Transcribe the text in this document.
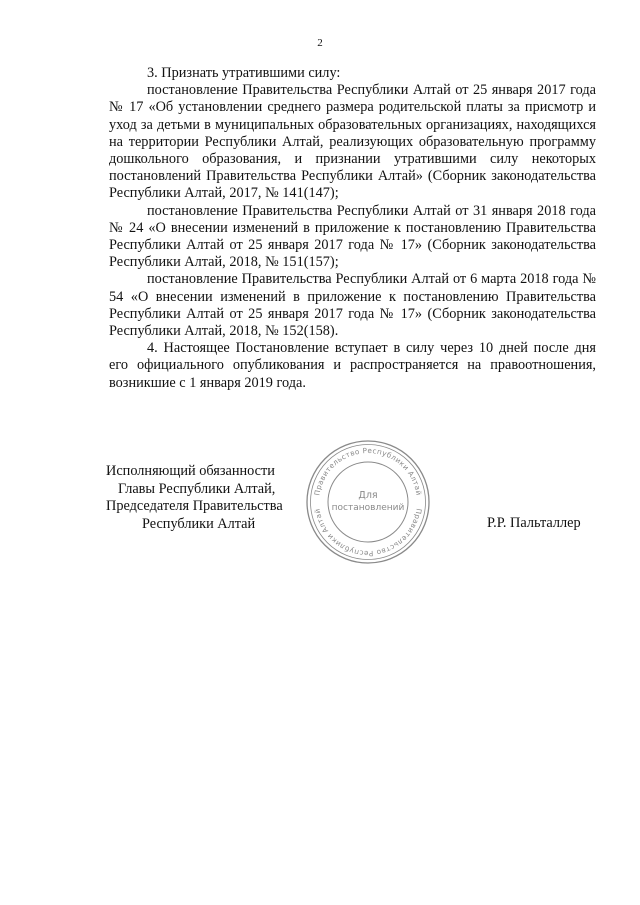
2

3. Признать утратившими силу:

постановление Правительства Республики Алтай от 25 января 2017 года № 17 «Об установлении среднего размера родительской платы за присмотр и уход за детьми в муниципальных образовательных организациях, находящихся на территории Республики Алтай, реализующих образовательную программу дошкольного образования, и признании утратившими силу некоторых постановлений Правительства Республики Алтай» (Сборник законодательства Республики Алтай, 2017, № 141(147);

постановление Правительства Республики Алтай от 31 января 2018 года № 24 «О внесении изменений в приложение к постановлению Правительства Республики Алтай от 25 января 2017 года № 17» (Сборник законодательства Республики Алтай, 2018, № 151(157);

постановление Правительства Республики Алтай от 6 марта 2018 года № 54 «О внесении изменений в приложение к постановлению Правительства Республики Алтай от 25 января 2017 года № 17» (Сборник законодательства Республики Алтай, 2018, № 152(158).

4. Настоящее Постановление вступает в силу через 10 дней после дня его официального опубликования и распространяется на правоотношения, возникшие с 1 января 2019 года.

Исполняющий обязанности
Главы Республики Алтай,
Председателя Правительства
Республики Алтай	Р.Р. Пальталлер
Правительство Республики Алтай
Правительство Республики Алтай
Для
постановлений
